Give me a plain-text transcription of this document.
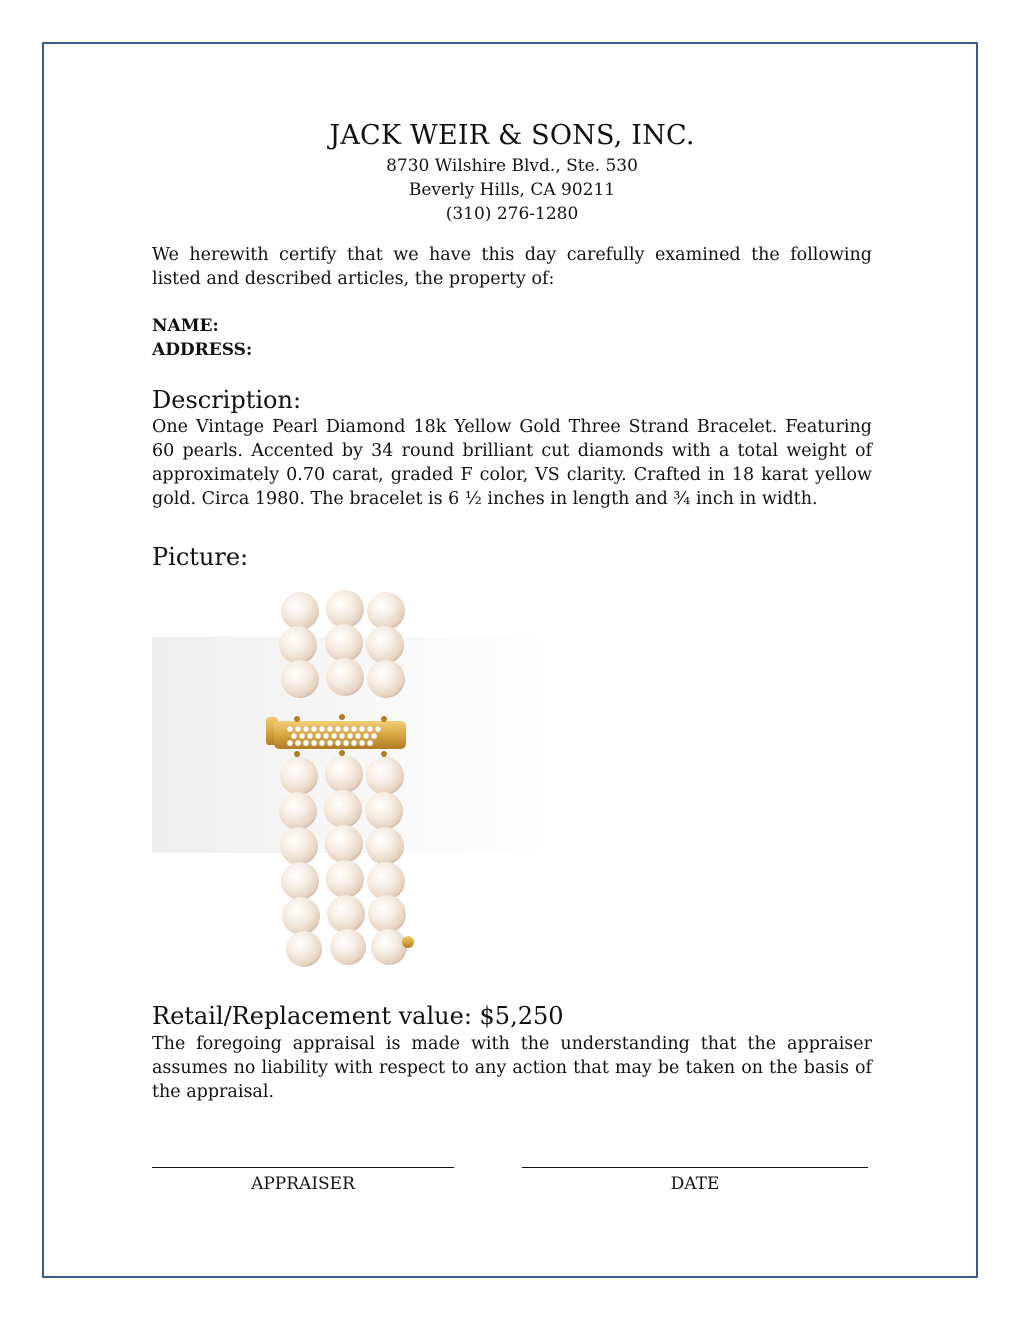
JACK WEIR & SONS, INC.
8730 Wilshire Blvd., Ste. 530
Beverly Hills, CA 90211
(310) 276-1280
We herewith certify that we have this day carefully examined the following listed and described articles, the property of:
NAME:
ADDRESS:
Description:
One Vintage Pearl Diamond 18k Yellow Gold Three Strand Bracelet. Featuring 60 pearls. Accented by 34 round brilliant cut diamonds with a total weight of approximately 0.70 carat, graded F color, VS clarity. Crafted in 18 karat yellow gold. Circa 1980. The bracelet is 6 ½ inches in length and ¾ inch in width.
Picture:
Retail/Replacement value: $5,250
The foregoing appraisal is made with the understanding that the appraiser assumes no liability with respect to any action that may be taken on the basis of the appraisal.
APPRAISER	DATE
